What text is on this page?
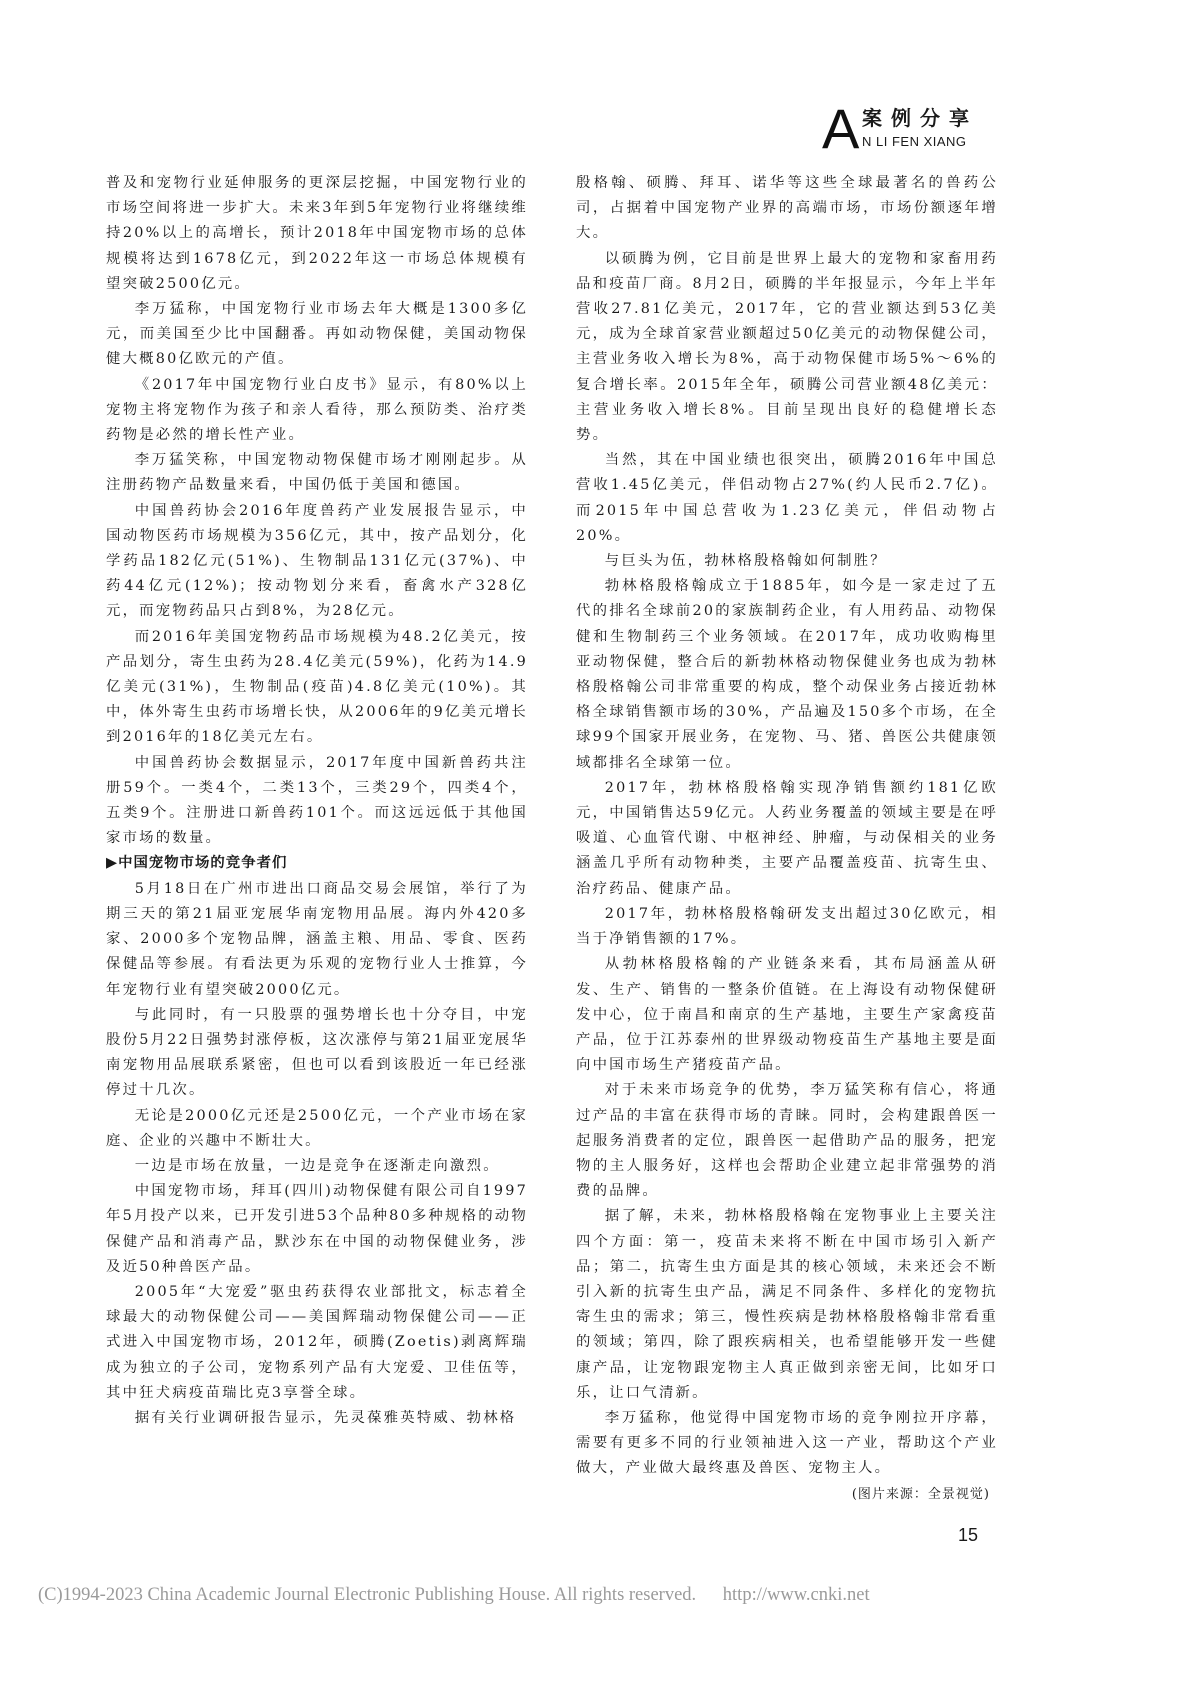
A 案例分享
N LI FEN XIANG

普及和宠物行业延伸服务的更深层挖掘，中国宠物行业的市场空间将进一步扩大。未来3年到5年宠物行业将继续维持20%以上的高增长，预计2018年中国宠物市场的总体规模将达到1678亿元，到2022年这一市场总体规模有望突破2500亿元。

李万猛称，中国宠物行业市场去年大概是1300多亿元，而美国至少比中国翻番。再如动物保健，美国动物保健大概80亿欧元的产值。

《2017年中国宠物行业白皮书》显示，有80%以上宠物主将宠物作为孩子和亲人看待，那么预防类、治疗类药物是必然的增长性产业。

李万猛笑称，中国宠物动物保健市场才刚刚起步。从注册药物产品数量来看，中国仍低于美国和德国。

中国兽药协会2016年度兽药产业发展报告显示，中国动物医药市场规模为356亿元，其中，按产品划分，化学药品182亿元(51%)、生物制品131亿元(37%)、中药44亿元(12%)；按动物划分来看，畜禽水产328亿元，而宠物药品只占到8%，为28亿元。

而2016年美国宠物药品市场规模为48.2亿美元，按产品划分，寄生虫药为28.4亿美元(59%)，化药为14.9亿美元(31%)，生物制品(疫苗)4.8亿美元(10%)。其中，体外寄生虫药市场增长快，从2006年的9亿美元增长到2016年的18亿美元左右。

中国兽药协会数据显示，2017年度中国新兽药共注册59个。一类4个，二类13个，三类29个，四类4个，五类9个。注册进口新兽药101个。而这远远低于其他国家市场的数量。

▶中国宠物市场的竞争者们

5月18日在广州市进出口商品交易会展馆，举行了为期三天的第21届亚宠展华南宠物用品展。海内外420多家、2000多个宠物品牌，涵盖主粮、用品、零食、医药保健品等参展。有看法更为乐观的宠物行业人士推算，今年宠物行业有望突破2000亿元。

与此同时，有一只股票的强势增长也十分夺目，中宠股份5月22日强势封涨停板，这次涨停与第21届亚宠展华南宠物用品展联系紧密，但也可以看到该股近一年已经涨停过十几次。

无论是2000亿元还是2500亿元，一个产业市场在家庭、企业的兴趣中不断壮大。

一边是市场在放量，一边是竞争在逐渐走向激烈。

中国宠物市场，拜耳(四川)动物保健有限公司自1997年5月投产以来，已开发引进53个品种80多种规格的动物保健产品和消毒产品，默沙东在中国的动物保健业务，涉及近50种兽医产品。

2005年“大宠爱”驱虫药获得农业部批文，标志着全球最大的动物保健公司——美国辉瑞动物保健公司——正式进入中国宠物市场，2012年，硕腾(Zoetis)剥离辉瑞成为独立的子公司，宠物系列产品有大宠爱、卫佳伍等，其中狂犬病疫苗瑞比克3享誉全球。

据有关行业调研报告显示，先灵葆雅英特威、勃林格

殷格翰、硕腾、拜耳、诺华等这些全球最著名的兽药公司，占据着中国宠物产业界的高端市场，市场份额逐年增大。

以硕腾为例，它目前是世界上最大的宠物和家畜用药品和疫苗厂商。8月2日，硕腾的半年报显示，今年上半年营收27.81亿美元，2017年，它的营业额达到53亿美元，成为全球首家营业额超过50亿美元的动物保健公司，主营业务收入增长为8%，高于动物保健市场5%～6%的复合增长率。2015年全年，硕腾公司营业额48亿美元：主营业务收入增长8%。目前呈现出良好的稳健增长态势。

当然，其在中国业绩也很突出，硕腾2016年中国总营收1.45亿美元，伴侣动物占27%(约人民币2.7亿)。而2015年中国总营收为1.23亿美元，伴侣动物占20%。

与巨头为伍，勃林格殷格翰如何制胜？

勃林格殷格翰成立于1885年，如今是一家走过了五代的排名全球前20的家族制药企业，有人用药品、动物保健和生物制药三个业务领域。在2017年，成功收购梅里亚动物保健，整合后的新勃林格动物保健业务也成为勃林格殷格翰公司非常重要的构成，整个动保业务占接近勃林格全球销售额市场的30%，产品遍及150多个市场，在全球99个国家开展业务，在宠物、马、猪、兽医公共健康领域都排名全球第一位。

2017年，勃林格殷格翰实现净销售额约181亿欧元，中国销售达59亿元。人药业务覆盖的领域主要是在呼吸道、心血管代谢、中枢神经、肿瘤，与动保相关的业务涵盖几乎所有动物种类，主要产品覆盖疫苗、抗寄生虫、治疗药品、健康产品。

2017年，勃林格殷格翰研发支出超过30亿欧元，相当于净销售额的17%。

从勃林格殷格翰的产业链条来看，其布局涵盖从研发、生产、销售的一整条价值链。在上海设有动物保健研发中心，位于南昌和南京的生产基地，主要生产家禽疫苗产品，位于江苏泰州的世界级动物疫苗生产基地主要是面向中国市场生产猪疫苗产品。

对于未来市场竞争的优势，李万猛笑称有信心，将通过产品的丰富在获得市场的青睐。同时，会构建跟兽医一起服务消费者的定位，跟兽医一起借助产品的服务，把宠物的主人服务好，这样也会帮助企业建立起非常强势的消费的品牌。

据了解，未来，勃林格殷格翰在宠物事业上主要关注四个方面：第一，疫苗未来将不断在中国市场引入新产品；第二，抗寄生虫方面是其的核心领域，未来还会不断引入新的抗寄生虫产品，满足不同条件、多样化的宠物抗寄生虫的需求；第三，慢性疾病是勃林格殷格翰非常看重的领域；第四，除了跟疾病相关，也希望能够开发一些健康产品，让宠物跟宠物主人真正做到亲密无间，比如牙口乐，让口气清新。

李万猛称，他觉得中国宠物市场的竞争刚拉开序幕，需要有更多不同的行业领袖进入这一产业，帮助这个产业做大，产业做大最终惠及兽医、宠物主人。

(图片来源：全景视觉)
15
(C)1994-2023 China Academic Journal Electronic Publishing House. All rights reserved. http://www.cnki.net
